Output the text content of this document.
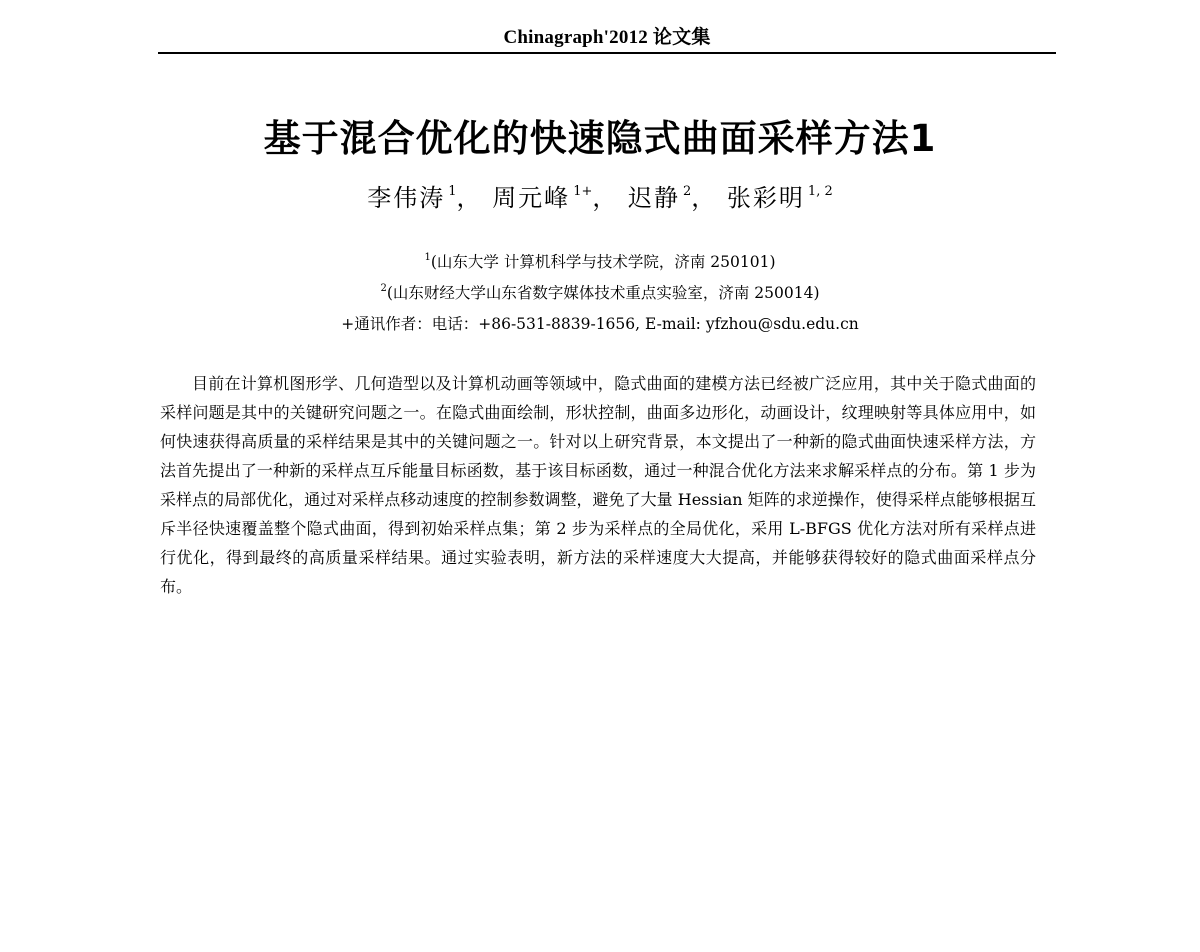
Chinagraph'2012 论文集
基于混合优化的快速隐式曲面采样方法1
李伟涛 $^1$， 周元峰 $^{1+}$， 迟静 $^2$， 张彩明 $^{1, 2}$
$^1$(山东大学 计算机科学与技术学院，济南 250101)
$^2$(山东财经大学山东省数字媒体技术重点实验室，济南 250014)
+通讯作者：电话：+86-531-8839-1656, E-mail: yfzhou@sdu.edu.cn

目前在计算机图形学、几何造型以及计算机动画等领域中，隐式曲面的建模方法已经被广泛应用，其中关于隐式曲面的采样问题是其中的关键研究问题之一。在隐式曲面绘制，形状控制，曲面多边形化，动画设计，纹理映射等具体应用中，如何快速获得高质量的采样结果是其中的关键问题之一。针对以上研究背景，本文提出了一种新的隐式曲面快速采样方法，方法首先提出了一种新的采样点互斥能量目标函数，基于该目标函数，通过一种混合优化方法来求解采样点的分布。第 1 步为采样点的局部优化，通过对采样点移动速度的控制参数调整，避免了大量 Hessian 矩阵的求逆操作，使得采样点能够根据互斥半径快速覆盖整个隐式曲面，得到初始采样点集；第 2 步为采样点的全局优化，采用 L-BFGS 优化方法对所有采样点进行优化，得到最终的高质量采样结果。通过实验表明，新方法的采样速度大大提高，并能够获得较好的隐式曲面采样点分布。
